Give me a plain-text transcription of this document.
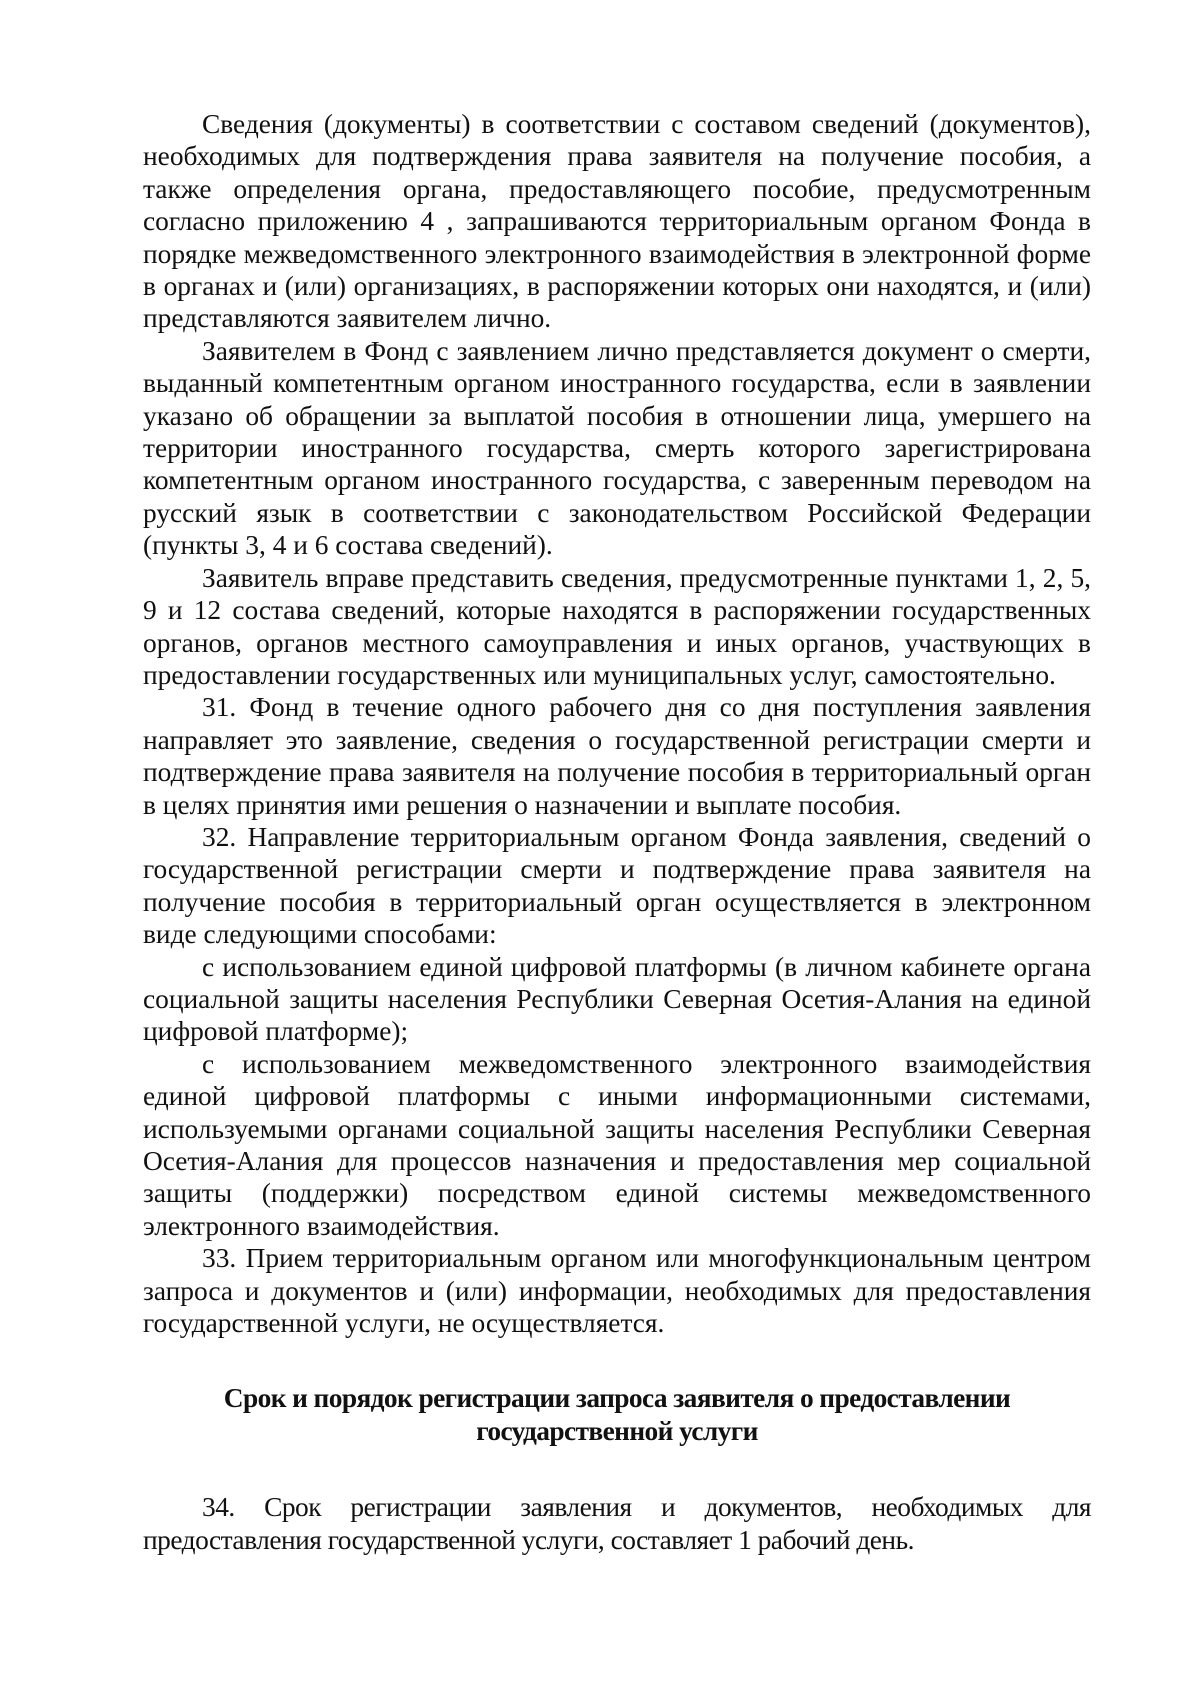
Сведения (документы) в соответствии с составом сведений (документов), необходимых для подтверждения права заявителя на получение пособия, а также определения органа, предоставляющего пособие, предусмотренным согласно приложению 4 , запрашиваются территориальным органом Фонда в порядке межведомственного электронного взаимодействия в электронной форме в органах и (или) организациях, в распоряжении которых они находятся, и (или) представляются заявителем лично.

Заявителем в Фонд с заявлением лично представляется документ о смерти, выданный компетентным органом иностранного государства, если в заявлении указано об обращении за выплатой пособия в отношении лица, умершего на территории иностранного государства, смерть которого зарегистрирована компетентным органом иностранного государства, с заверенным переводом на русский язык в соответствии с законодательством Российской Федерации (пункты 3, 4 и 6 состава сведений).

Заявитель вправе представить сведения, предусмотренные пунктами 1, 2, 5, 9 и 12 состава сведений, которые находятся в распоряжении государственных органов, органов местного самоуправления и иных органов, участвующих в предоставлении государственных или муниципальных услуг, самостоятельно.

31. Фонд в течение одного рабочего дня со дня поступления заявления направляет это заявление, сведения о государственной регистрации смерти и подтверждение права заявителя на получение пособия в территориальный орган в целях принятия ими решения о назначении и выплате пособия.

32. Направление территориальным органом Фонда заявления, сведений о государственной регистрации смерти и подтверждение права заявителя на получение пособия в территориальный орган осуществляется в электронном виде следующими способами:

с использованием единой цифровой платформы (в личном кабинете органа социальной защиты населения Республики Северная Осетия-Алания на единой цифровой платформе);

с использованием межведомственного электронного взаимодействия единой цифровой платформы с иными информационными системами, используемыми органами социальной защиты населения Республики Северная Осетия-Алания для процессов назначения и предоставления мер социальной защиты (поддержки) посредством единой системы межведомственного электронного взаимодействия.

33. Прием территориальным органом или многофункциональным центром запроса и документов и (или) информации, необходимых для предоставления государственной услуги, не осуществляется.

Срок и порядок регистрации запроса заявителя о предоставлении государственной услуги

34. Срок регистрации заявления и документов, необходимых для предоставления государственной услуги, составляет 1 рабочий день.
